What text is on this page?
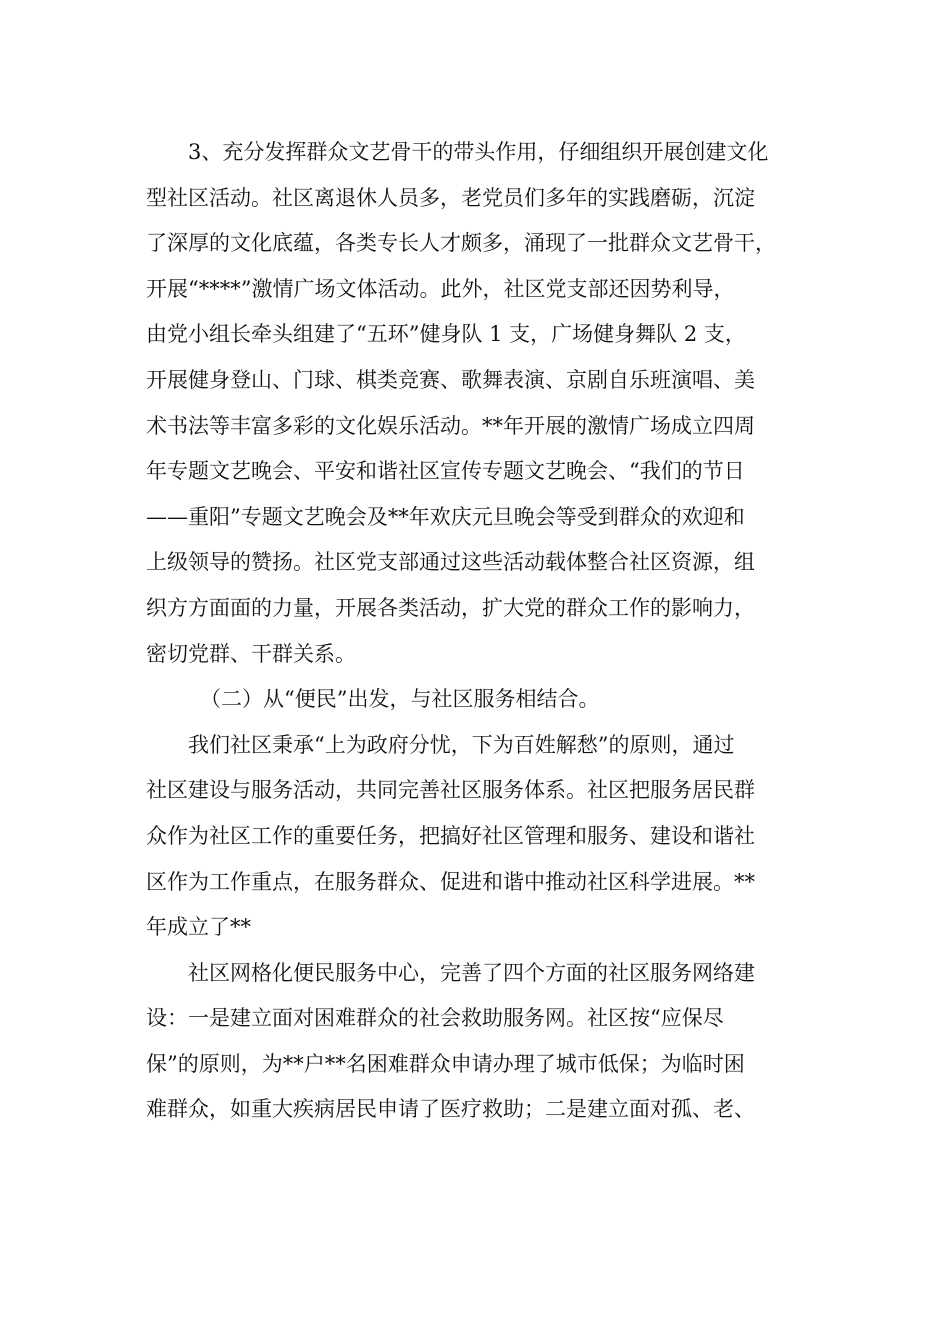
3、充分发挥群众文艺骨干的带头作用，仔细组织开展创建文化
型社区活动。社区离退休人员多，老党员们多年的实践磨砺，沉淀
了深厚的文化底蕴，各类专长人才颇多，涌现了一批群众文艺骨干，
开展“****”激情广场文体活动。此外，社区党支部还因势利导，
由党小组长牵头组建了“五环”健身队 1 支，广场健身舞队 2 支，
开展健身登山、门球、棋类竞赛、歌舞表演、京剧自乐班演唱、美
术书法等丰富多彩的文化娱乐活动。**年开展的激情广场成立四周
年专题文艺晚会、平安和谐社区宣传专题文艺晚会、“我们的节日
——重阳”专题文艺晚会及**年欢庆元旦晚会等受到群众的欢迎和
上级领导的赞扬。社区党支部通过这些活动载体整合社区资源，组
织方方面面的力量，开展各类活动，扩大党的群众工作的影响力，
密切党群、干群关系。
（二）从“便民”出发，与社区服务相结合。
我们社区秉承“上为政府分忧，下为百姓解愁”的原则，通过
社区建设与服务活动，共同完善社区服务体系。社区把服务居民群
众作为社区工作的重要任务，把搞好社区管理和服务、建设和谐社
区作为工作重点，在服务群众、促进和谐中推动社区科学进展。**
年成立了**
社区网格化便民服务中心，完善了四个方面的社区服务网络建
设：一是建立面对困难群众的社会救助服务网。社区按“应保尽
保”的原则，为**户**名困难群众申请办理了城市低保；为临时困
难群众，如重大疾病居民申请了医疗救助；二是建立面对孤、老、
